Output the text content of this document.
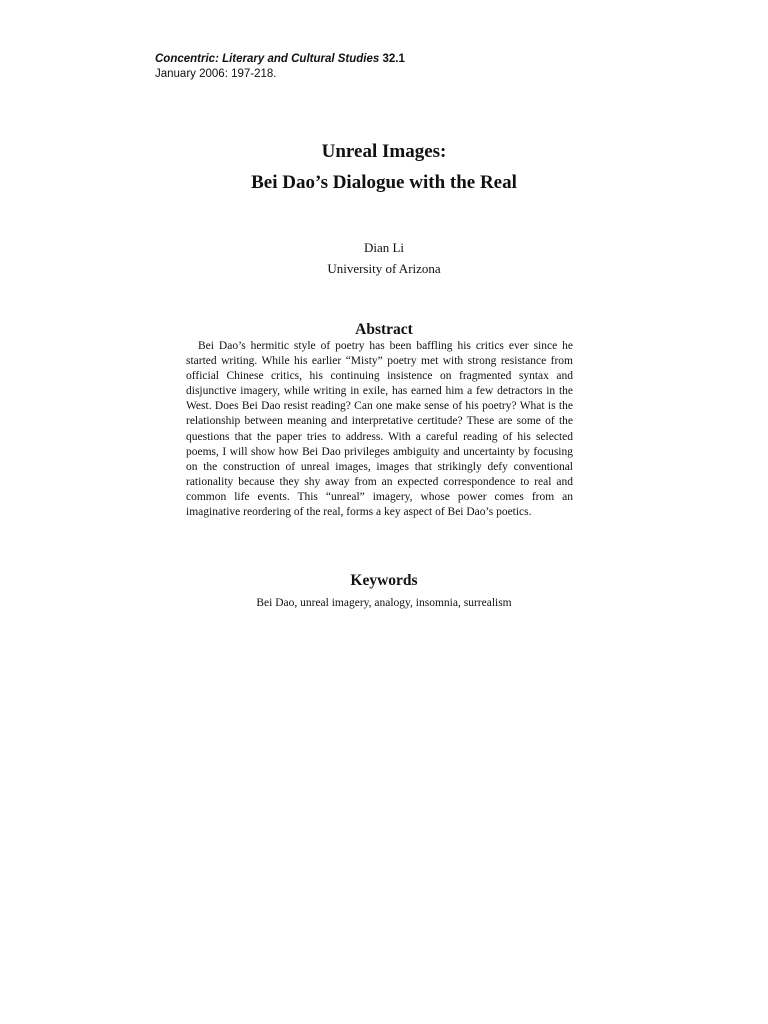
Concentric: Literary and Cultural Studies 32.1
January 2006: 197-218.
Unreal Images:
Bei Dao’s Dialogue with the Real
Dian Li
University of Arizona
Abstract

Bei Dao’s hermitic style of poetry has been baffling his critics ever since he started writing. While his earlier “Misty” poetry met with strong resistance from official Chinese critics, his continuing insistence on fragmented syntax and disjunctive imagery, while writing in exile, has earned him a few detractors in the West. Does Bei Dao resist reading? Can one make sense of his poetry? What is the relationship between meaning and interpretative certitude? These are some of the questions that the paper tries to address. With a careful reading of his selected poems, I will show how Bei Dao privileges ambiguity and uncertainty by focusing on the construction of unreal images, images that strikingly defy conventional rationality because they shy away from an expected correspondence to real and common life events. This “unreal” imagery, whose power comes from an imaginative reordering of the real, forms a key aspect of Bei Dao’s poetics.

Keywords
Bei Dao, unreal imagery, analogy, insomnia, surrealism
